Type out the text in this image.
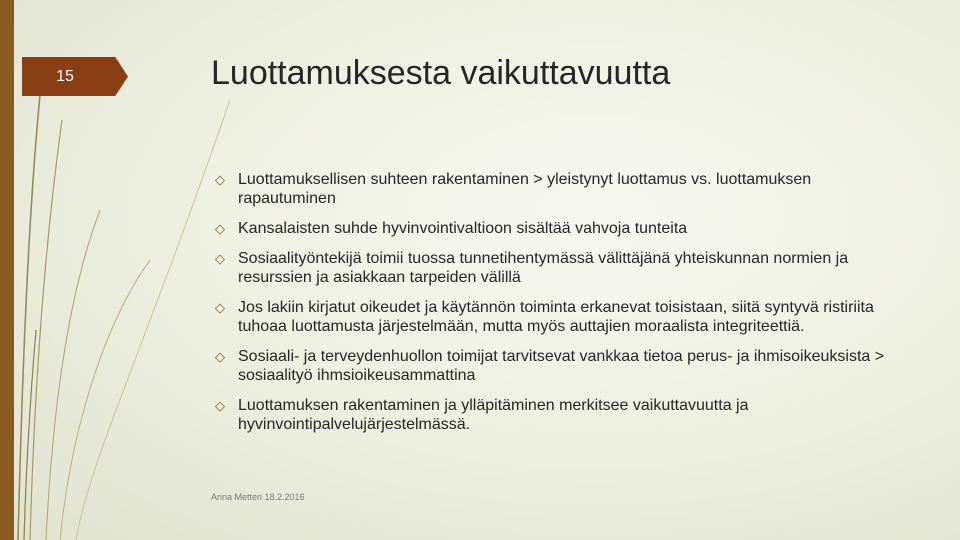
15	Luottamuksesta vaikuttavuutta
◇ Luottamuksellisen suhteen rakentaminen > yleistynyt luottamus vs. luottamuksen rapautuminen
◇ Kansalaisten suhde hyvinvointivaltioon sisältää vahvoja tunteita
◇ Sosiaalityöntekijä toimii tuossa tunnetihentymässä välittäjänä yhteiskunnan normien ja resurssien ja asiakkaan tarpeiden välillä
◇ Jos lakiin kirjatut oikeudet ja käytännön toiminta erkanevat toisistaan, siitä syntyvä ristiriita tuhoaa luottamusta järjestelmään, mutta myös auttajien moraalista integriteettiä.
◇ Sosiaali- ja terveydenhuollon toimijat tarvitsevat vankkaa tietoa perus- ja ihmisoikeuksista > sosiaalityö ihmsioikeusammattina
◇ Luottamuksen rakentaminen ja ylläpitäminen merkitsee vaikuttavuutta ja hyvinvointipalvelujärjestelmässä.
Anna Metteri 18.2.2016
